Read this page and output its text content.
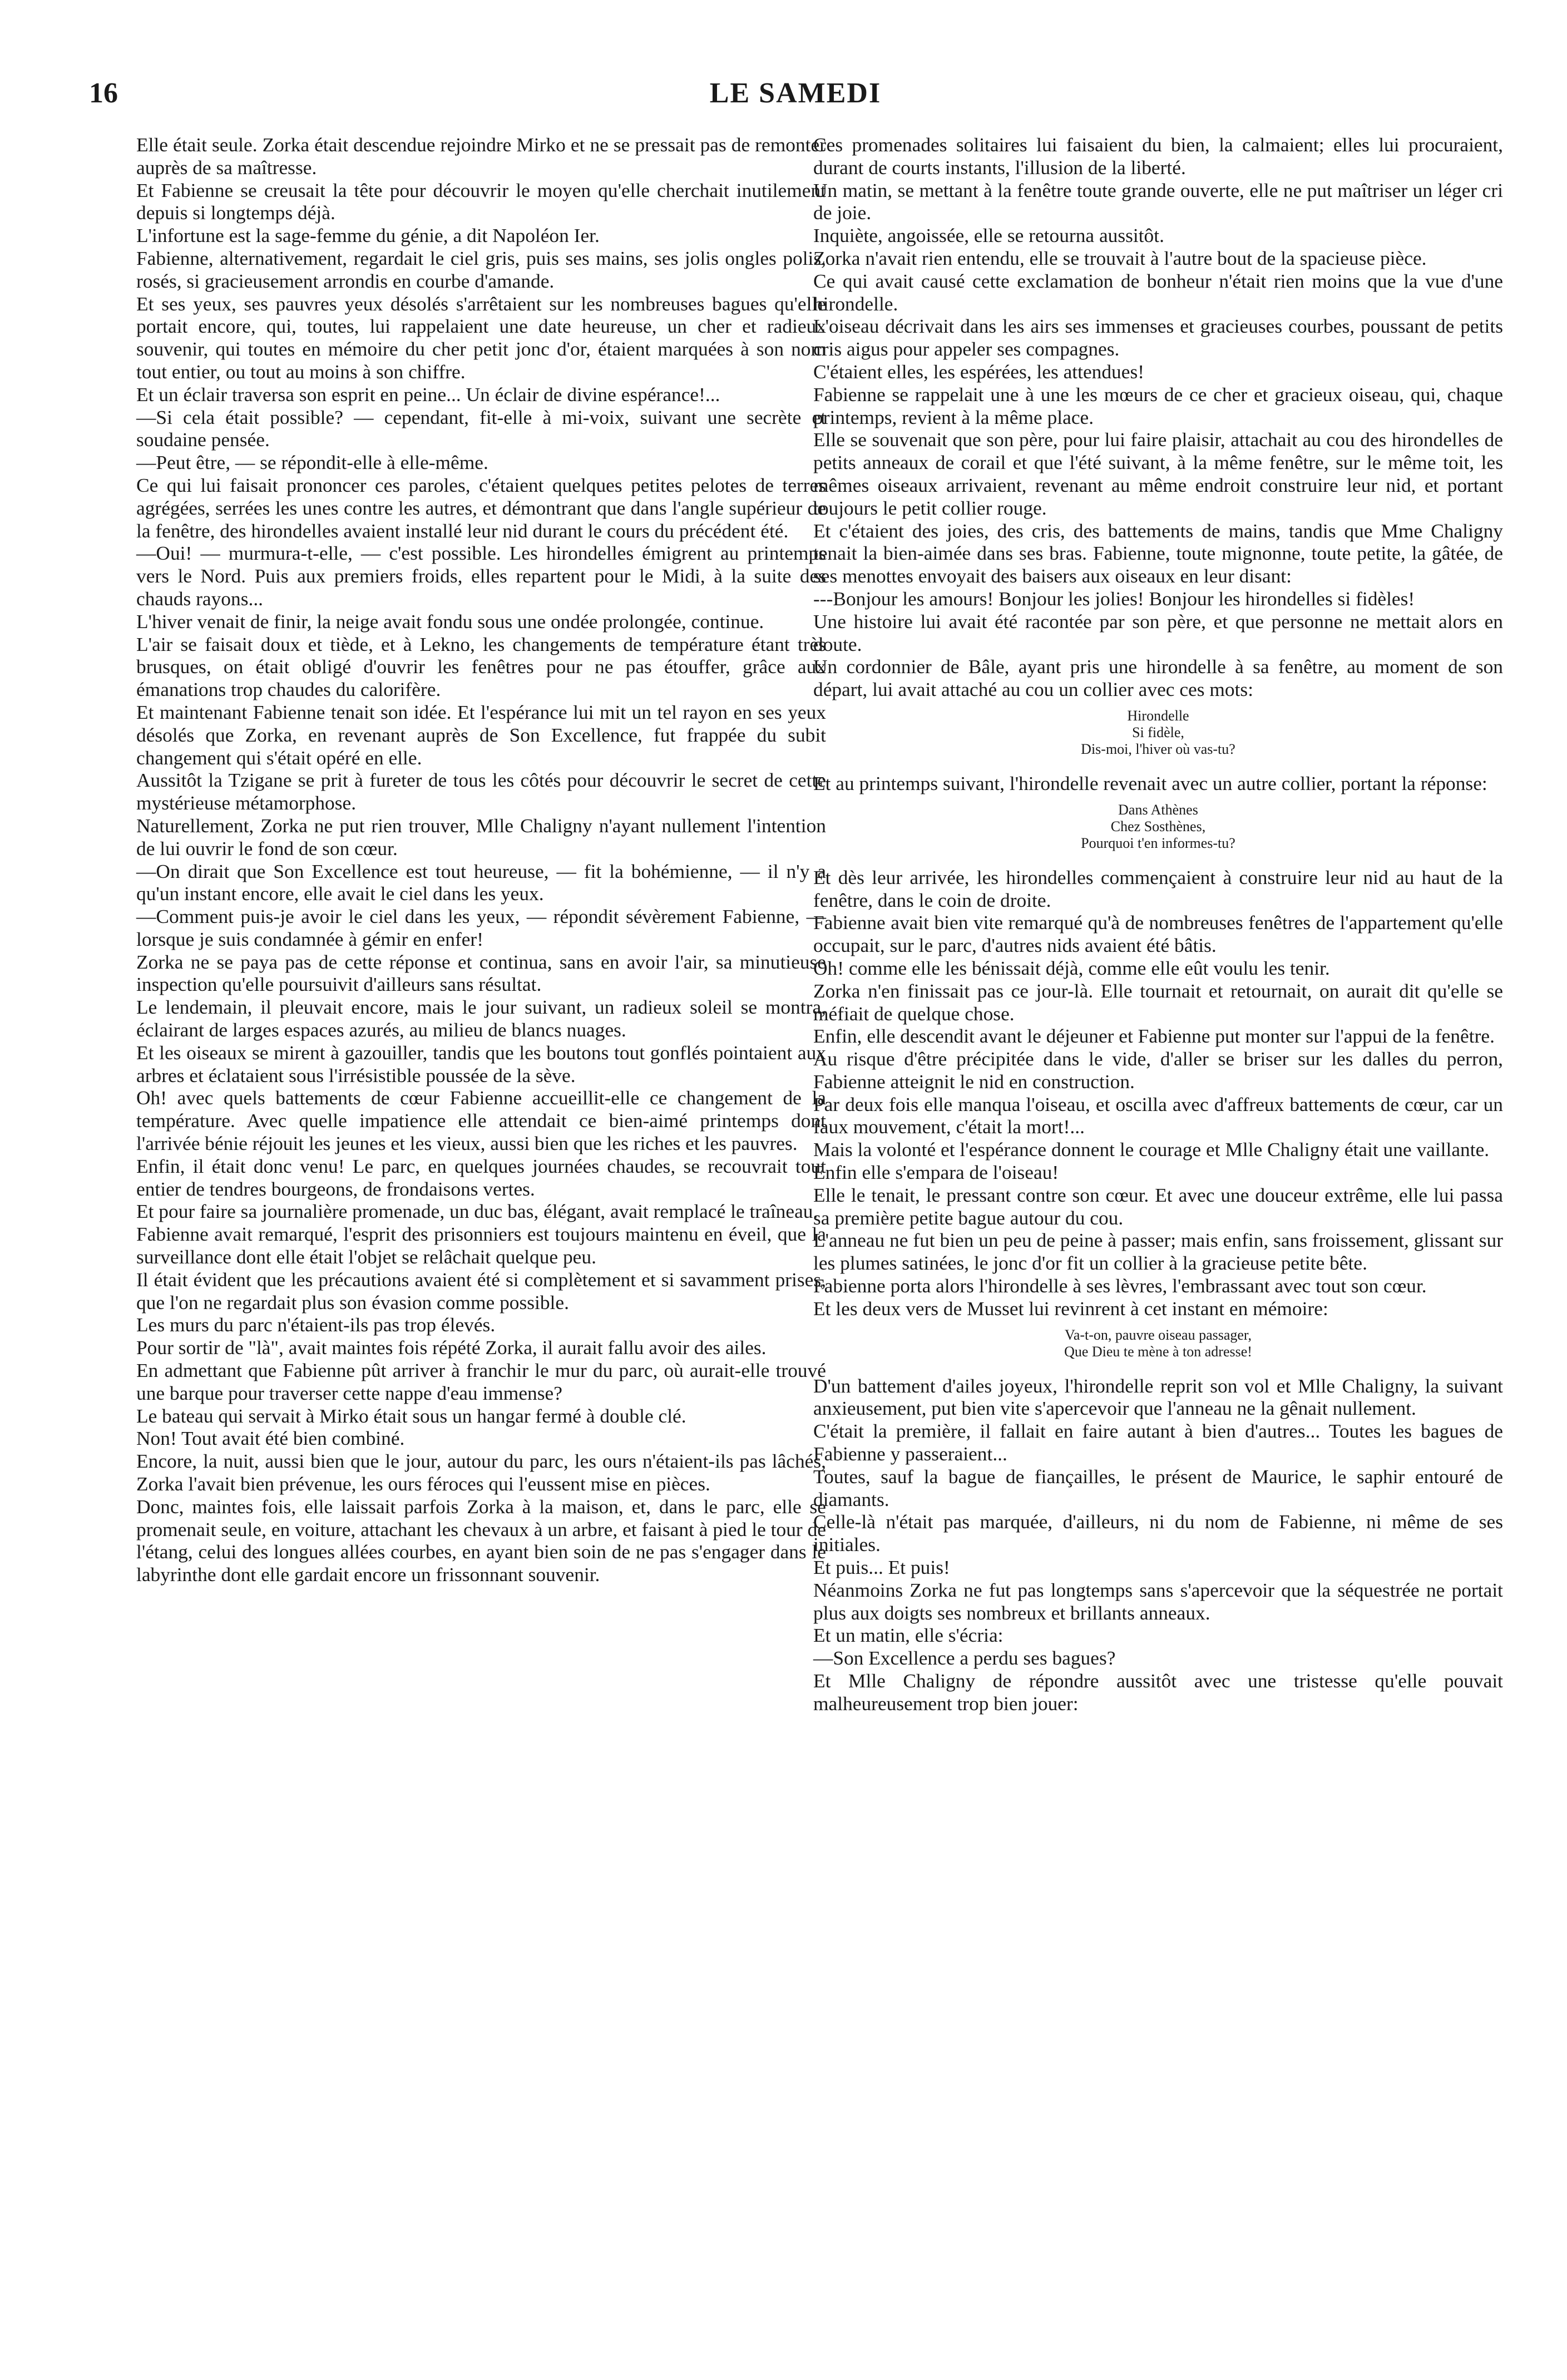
16	LE SAMEDI

Elle était seule. Zorka était descendue rejoindre Mirko et ne se pressait pas de remonter auprès de sa maîtresse.

Et Fabienne se creusait la tête pour découvrir le moyen qu'elle cherchait inutilement depuis si longtemps déjà.

L'infortune est la sage-femme du génie, a dit Napoléon Ier.

Fabienne, alternativement, regardait le ciel gris, puis ses mains, ses jolis ongles polis, rosés, si gracieusement arrondis en courbe d'amande.

Et ses yeux, ses pauvres yeux désolés s'arrêtaient sur les nombreuses bagues qu'elle portait encore, qui, toutes, lui rappelaient une date heureuse, un cher et radieux souvenir, qui toutes en mémoire du cher petit jonc d'or, étaient marquées à son nom tout entier, ou tout au moins à son chiffre.

Et un éclair traversa son esprit en peine... Un éclair de divine espérance!...

—Si cela était possible? — cependant, fit-elle à mi-voix, suivant une secrète et soudaine pensée.

—Peut être, — se répondit-elle à elle-même.

Ce qui lui faisait prononcer ces paroles, c'étaient quelques petites pelotes de terres agrégées, serrées les unes contre les autres, et démontrant que dans l'angle supérieur de la fenêtre, des hirondelles avaient installé leur nid durant le cours du précédent été.

—Oui! — murmura-t-elle, — c'est possible. Les hirondelles émigrent au printemps vers le Nord. Puis aux premiers froids, elles repartent pour le Midi, à la suite des chauds rayons...

L'hiver venait de finir, la neige avait fondu sous une ondée prolongée, continue.

L'air se faisait doux et tiède, et à Lekno, les changements de température étant très brusques, on était obligé d'ouvrir les fenêtres pour ne pas étouffer, grâce aux émanations trop chaudes du calorifère.

Et maintenant Fabienne tenait son idée. Et l'espérance lui mit un tel rayon en ses yeux désolés que Zorka, en revenant auprès de Son Excellence, fut frappée du subit changement qui s'était opéré en elle.

Aussitôt la Tzigane se prit à fureter de tous les côtés pour découvrir le secret de cette mystérieuse métamorphose.

Naturellement, Zorka ne put rien trouver, Mlle Chaligny n'ayant nullement l'intention de lui ouvrir le fond de son cœur.

—On dirait que Son Excellence est tout heureuse, — fit la bohémienne, — il n'y a qu'un instant encore, elle avait le ciel dans les yeux.

—Comment puis-je avoir le ciel dans les yeux, — répondit sévèrement Fabienne, — lorsque je suis condamnée à gémir en enfer!

Zorka ne se paya pas de cette réponse et continua, sans en avoir l'air, sa minutieuse inspection qu'elle poursuivit d'ailleurs sans résultat.

Le lendemain, il pleuvait encore, mais le jour suivant, un radieux soleil se montra, éclairant de larges espaces azurés, au milieu de blancs nuages.

Et les oiseaux se mirent à gazouiller, tandis que les boutons tout gonflés pointaient aux arbres et éclataient sous l'irrésistible poussée de la sève.

Oh! avec quels battements de cœur Fabienne accueillit-elle ce changement de la température. Avec quelle impatience elle attendait ce bien-aimé printemps dont l'arrivée bénie réjouit les jeunes et les vieux, aussi bien que les riches et les pauvres.

Enfin, il était donc venu! Le parc, en quelques journées chaudes, se recouvrait tout entier de tendres bourgeons, de frondaisons vertes.

Et pour faire sa journalière promenade, un duc bas, élégant, avait remplacé le traîneau.

Fabienne avait remarqué, l'esprit des prisonniers est toujours maintenu en éveil, que la surveillance dont elle était l'objet se relâchait quelque peu.

Il était évident que les précautions avaient été si complètement et si savamment prises, que l'on ne regardait plus son évasion comme possible.

Les murs du parc n'étaient-ils pas trop élevés.

Pour sortir de "là", avait maintes fois répété Zorka, il aurait fallu avoir des ailes.

En admettant que Fabienne pût arriver à franchir le mur du parc, où aurait-elle trouvé une barque pour traverser cette nappe d'eau immense?

Le bateau qui servait à Mirko était sous un hangar fermé à double clé.

Non! Tout avait été bien combiné.

Encore, la nuit, aussi bien que le jour, autour du parc, les ours n'étaient-ils pas lâchés, Zorka l'avait bien prévenue, les ours féroces qui l'eussent mise en pièces.

Donc, maintes fois, elle laissait parfois Zorka à la maison, et, dans le parc, elle se promenait seule, en voiture, attachant les chevaux à un arbre, et faisant à pied le tour de l'étang, celui des longues allées courbes, en ayant bien soin de ne pas s'engager dans le labyrinthe dont elle gardait encore un frissonnant souvenir.

Ces promenades solitaires lui faisaient du bien, la calmaient; elles lui procuraient, durant de courts instants, l'illusion de la liberté.

Un matin, se mettant à la fenêtre toute grande ouverte, elle ne put maîtriser un léger cri de joie.

Inquiète, angoissée, elle se retourna aussitôt.

Zorka n'avait rien entendu, elle se trouvait à l'autre bout de la spacieuse pièce.

Ce qui avait causé cette exclamation de bonheur n'était rien moins que la vue d'une hirondelle.

L'oiseau décrivait dans les airs ses immenses et gracieuses courbes, poussant de petits cris aigus pour appeler ses compagnes.

C'étaient elles, les espérées, les attendues!

Fabienne se rappelait une à une les mœurs de ce cher et gracieux oiseau, qui, chaque printemps, revient à la même place.

Elle se souvenait que son père, pour lui faire plaisir, attachait au cou des hirondelles de petits anneaux de corail et que l'été suivant, à la même fenêtre, sur le même toit, les mêmes oiseaux arrivaient, revenant au même endroit construire leur nid, et portant toujours le petit collier rouge.

Et c'étaient des joies, des cris, des battements de mains, tandis que Mme Chaligny tenait la bien-aimée dans ses bras. Fabienne, toute mignonne, toute petite, la gâtée, de ses menottes envoyait des baisers aux oiseaux en leur disant:

---Bonjour les amours! Bonjour les jolies! Bonjour les hirondelles si fidèles!

Une histoire lui avait été racontée par son père, et que personne ne mettait alors en doute.

Un cordonnier de Bâle, ayant pris une hirondelle à sa fenêtre, au moment de son départ, lui avait attaché au cou un collier avec ces mots:

Hirondelle
Si fidèle,
Dis-moi, l'hiver où vas-tu?

Et au printemps suivant, l'hirondelle revenait avec un autre collier, portant la réponse:

Dans Athènes
Chez Sosthènes,
Pourquoi t'en informes-tu?

Et dès leur arrivée, les hirondelles commençaient à construire leur nid au haut de la fenêtre, dans le coin de droite.

Fabienne avait bien vite remarqué qu'à de nombreuses fenêtres de l'appartement qu'elle occupait, sur le parc, d'autres nids avaient été bâtis.

Oh! comme elle les bénissait déjà, comme elle eût voulu les tenir.

Zorka n'en finissait pas ce jour-là. Elle tournait et retournait, on aurait dit qu'elle se méfiait de quelque chose.

Enfin, elle descendit avant le déjeuner et Fabienne put monter sur l'appui de la fenêtre.

Au risque d'être précipitée dans le vide, d'aller se briser sur les dalles du perron, Fabienne atteignit le nid en construction.

Par deux fois elle manqua l'oiseau, et oscilla avec d'affreux battements de cœur, car un faux mouvement, c'était la mort!...

Mais la volonté et l'espérance donnent le courage et Mlle Chaligny était une vaillante.

Enfin elle s'empara de l'oiseau!

Elle le tenait, le pressant contre son cœur. Et avec une douceur extrême, elle lui passa sa première petite bague autour du cou.

L'anneau ne fut bien un peu de peine à passer; mais enfin, sans froissement, glissant sur les plumes satinées, le jonc d'or fit un collier à la gracieuse petite bête.

Fabienne porta alors l'hirondelle à ses lèvres, l'embrassant avec tout son cœur.

Et les deux vers de Musset lui revinrent à cet instant en mémoire:

Va-t-on, pauvre oiseau passager,
Que Dieu te mène à ton adresse!

D'un battement d'ailes joyeux, l'hirondelle reprit son vol et Mlle Chaligny, la suivant anxieusement, put bien vite s'apercevoir que l'anneau ne la gênait nullement.

C'était la première, il fallait en faire autant à bien d'autres... Toutes les bagues de Fabienne y passeraient...

Toutes, sauf la bague de fiançailles, le présent de Maurice, le saphir entouré de diamants.

Celle-là n'était pas marquée, d'ailleurs, ni du nom de Fabienne, ni même de ses initiales.

Et puis... Et puis!

Néanmoins Zorka ne fut pas longtemps sans s'apercevoir que la séquestrée ne portait plus aux doigts ses nombreux et brillants anneaux.

Et un matin, elle s'écria:

—Son Excellence a perdu ses bagues?

Et Mlle Chaligny de répondre aussitôt avec une tristesse qu'elle pouvait malheureusement trop bien jouer:
